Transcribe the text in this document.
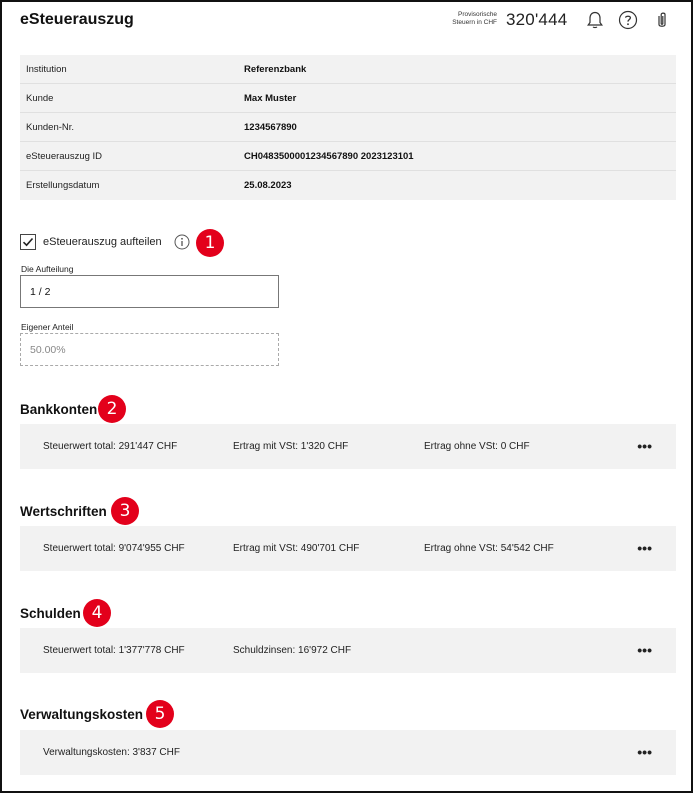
eSteuerauszug	Provisorische
Steuern in CHF 320'444
Institution	Referenzbank
Kunde	Max Muster
Kunden-Nr.	1234567890
eSteuerauszug ID	CH0483500001234567890 2023123101
Erstellungsdatum	25.08.2023
eSteuerauszug aufteilen	1
Die Aufteilung
1 / 2
Eigener Anteil
50.00%
Bankkonten 2
Steuerwert total: 291'447 CHF	Ertrag mit VSt: 1'320 CHF	Ertrag ohne VSt: 0 CHF	•••
Wertschriften 3
Steuerwert total: 9'074'955 CHF	Ertrag mit VSt: 490'701 CHF	Ertrag ohne VSt: 54'542 CHF	•••
Schulden 4
Steuerwert total: 1'377'778 CHF	Schuldzinsen: 16'972 CHF	•••
Verwaltungskosten 5
Verwaltungskosten: 3'837 CHF	•••
